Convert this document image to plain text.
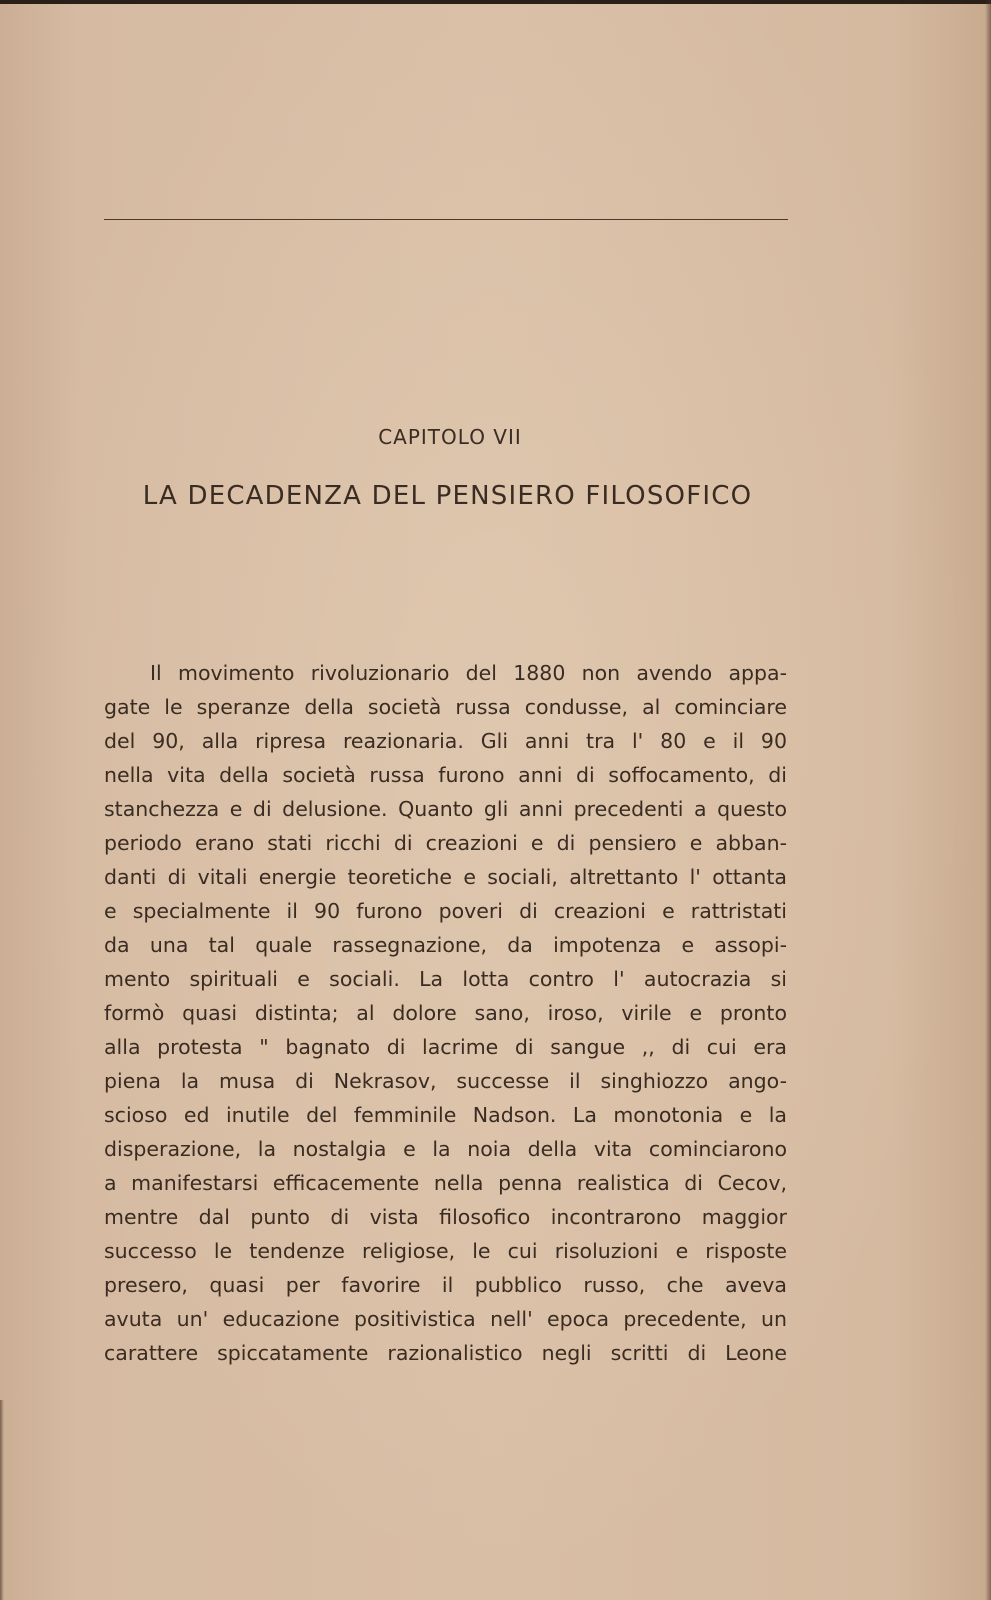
CAPITOLO VII
LA DECADENZA DEL PENSIERO FILOSOFICO
Il movimento rivoluzionario del 1880 non avendo appa-
gate le speranze della società russa condusse, al cominciare
del 90, alla ripresa reazionaria. Gli anni tra l' 80 e il 90
nella vita della società russa furono anni di soffocamento, di
stanchezza e di delusione. Quanto gli anni precedenti a questo
periodo erano stati ricchi di creazioni e di pensiero e abban-
danti di vitali energie teoretiche e sociali, altrettanto l' ottanta
e specialmente il 90 furono poveri di creazioni e rattristati
da una tal quale rassegnazione, da impotenza e assopi-
mento spirituali e sociali. La lotta contro l' autocrazia si
formò quasi distinta; al dolore sano, iroso, virile e pronto
alla protesta " bagnato di lacrime di sangue ,, di cui era
piena la musa di Nekrasov, successe il singhiozzo ango-
scioso ed inutile del femminile Nadson. La monotonia e la
disperazione, la nostalgia e la noia della vita cominciarono
a manifestarsi efficacemente nella penna realistica di Cecov,
mentre dal punto di vista filosofico incontrarono maggior
successo le tendenze religiose, le cui risoluzioni e risposte
presero, quasi per favorire il pubblico russo, che aveva
avuta un' educazione positivistica nell' epoca precedente, un
carattere spiccatamente razionalistico negli scritti di Leone
